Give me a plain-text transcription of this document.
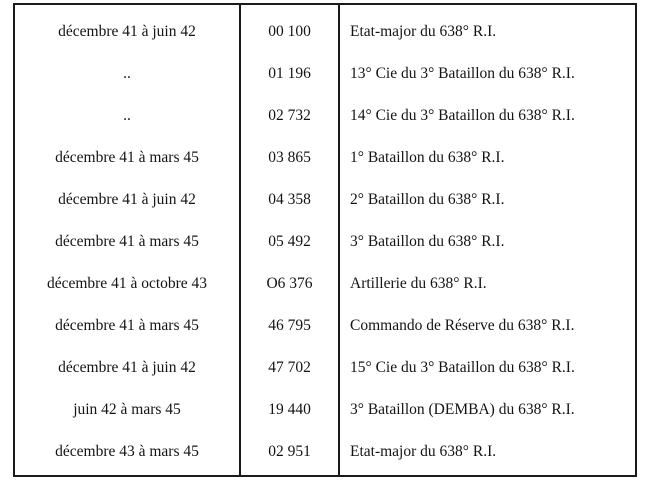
décembre 41 à juin 42	00 100	Etat-major du 638° R.I.
..	01 196	13° Cie du 3° Bataillon du 638° R.I.
..	02 732	14° Cie du 3° Bataillon du 638° R.I.
décembre 41 à mars 45	03 865	1° Bataillon du 638° R.I.
décembre 41 à juin 42	04 358	2° Bataillon du 638° R.I.
décembre 41 à mars 45	05 492	3° Bataillon du 638° R.I.
décembre 41 à octobre 43	O6 376	Artillerie du 638° R.I.
décembre 41 à mars 45	46 795	Commando de Réserve du 638° R.I.
décembre 41 à juin 42	47 702	15° Cie du 3° Bataillon du 638° R.I.
juin 42 à mars 45	19 440	3° Bataillon (DEMBA) du 638° R.I.
décembre 43 à mars 45	02 951	Etat-major du 638° R.I.
